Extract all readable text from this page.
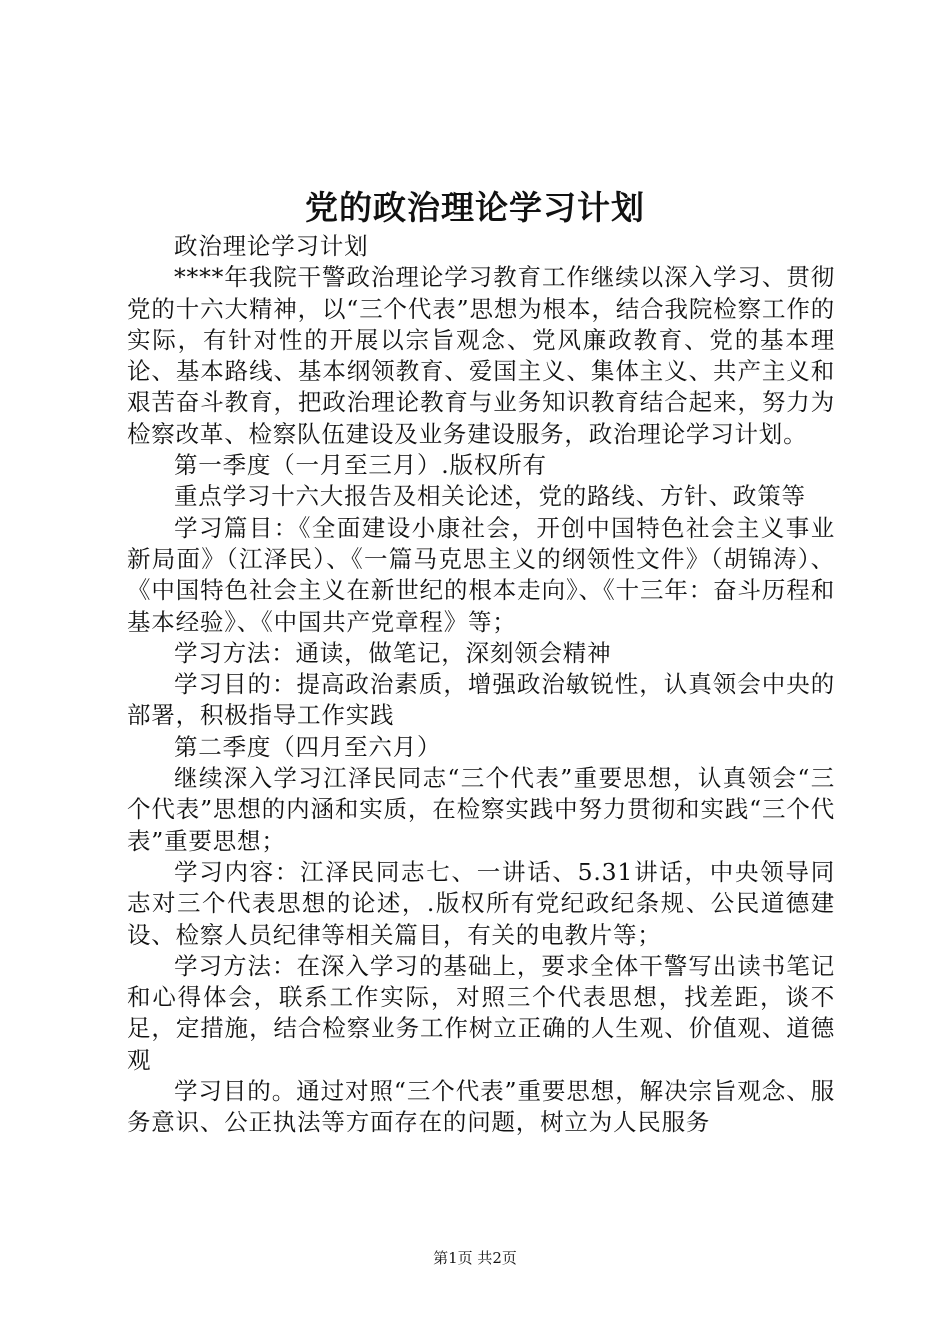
党的政治理论学习计划

政治理论学习计划

****年我院干警政治理论学习教育工作继续以深入学习、贯彻党的十六大精神，以“三个代表”思想为根本，结合我院检察工作的实际，有针对性的开展以宗旨观念、党风廉政教育、党的基本理论、基本路线、基本纲领教育、爱国主义、集体主义、共产主义和艰苦奋斗教育，把政治理论教育与业务知识教育结合起来，努力为检察改革、检察队伍建设及业务建设服务，政治理论学习计划。

第一季度（一月至三月）.版权所有

重点学习十六大报告及相关论述，党的路线、方针、政策等

学习篇目：《全面建设小康社会，开创中国特色社会主义事业新局面》（江泽民）、《一篇马克思主义的纲领性文件》（胡锦涛）、《中国特色社会主义在新世纪的根本走向》、《十三年：奋斗历程和基本经验》、《中国共产党章程》等；

学习方法：通读，做笔记，深刻领会精神

学习目的：提高政治素质，增强政治敏锐性，认真领会中央的部署，积极指导工作实践

第二季度（四月至六月）

继续深入学习江泽民同志“三个代表”重要思想，认真领会“三个代表”思想的内涵和实质，在检察实践中努力贯彻和实践“三个代表”重要思想；

学习内容：江泽民同志七、一讲话、5.31讲话，中央领导同志对三个代表思想的论述，.版权所有党纪政纪条规、公民道德建设、检察人员纪律等相关篇目，有关的电教片等；

学习方法：在深入学习的基础上，要求全体干警写出读书笔记和心得体会，联系工作实际，对照三个代表思想，找差距，谈不足，定措施，结合检察业务工作树立正确的人生观、价值观、道德观

学习目的。通过对照“三个代表”重要思想，解决宗旨观念、服务意识、公正执法等方面存在的问题，树立为人民服务

第1页 共2页
